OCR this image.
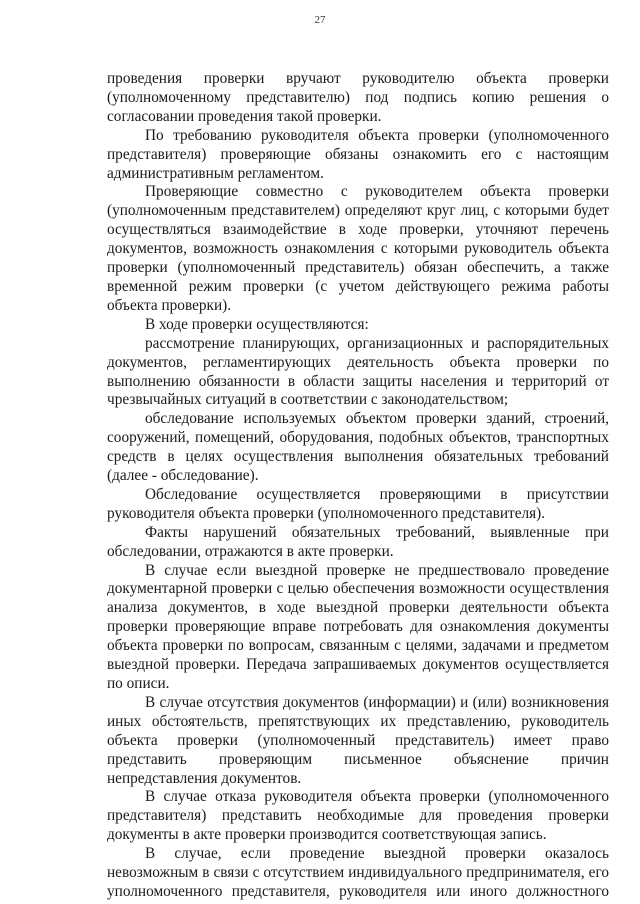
27

проведения проверки вручают руководителю объекта проверки (уполномоченному представителю) под подпись копию решения о согласовании проведения такой проверки.

По требованию руководителя объекта проверки (уполномоченного представителя) проверяющие обязаны ознакомить его с настоящим административным регламентом.

Проверяющие совместно с руководителем объекта проверки (уполномоченным представителем) определяют круг лиц, с которыми будет осуществляться взаимодействие в ходе проверки, уточняют перечень документов, возможность ознакомления с которыми руководитель объекта проверки (уполномоченный представитель) обязан обеспечить, а также временной режим проверки (с учетом действующего режима работы объекта проверки).

В ходе проверки осуществляются:

рассмотрение планирующих, организационных и распорядительных документов, регламентирующих деятельность объекта проверки по выполнению обязанности в области защиты населения и территорий от чрезвычайных ситуаций в соответствии с законодательством;

обследование используемых объектом проверки зданий, строений, сооружений, помещений, оборудования, подобных объектов, транспортных средств в целях осуществления выполнения обязательных требований (далее - обследование).

Обследование осуществляется проверяющими в присутствии руководителя объекта проверки (уполномоченного представителя).

Факты нарушений обязательных требований, выявленные при обследовании, отражаются в акте проверки.

В случае если выездной проверке не предшествовало проведение документарной проверки с целью обеспечения возможности осуществления анализа документов, в ходе выездной проверки деятельности объекта проверки проверяющие вправе потребовать для ознакомления документы объекта проверки по вопросам, связанным с целями, задачами и предметом выездной проверки. Передача запрашиваемых документов осуществляется по описи.

В случае отсутствия документов (информации) и (или) возникновения иных обстоятельств, препятствующих их представлению, руководитель объекта проверки (уполномоченный представитель) имеет право представить проверяющим письменное объяснение причин непредставления документов.

В случае отказа руководителя объекта проверки (уполномоченного представителя) представить необходимые для проведения проверки документы в акте проверки производится соответствующая запись.

В случае, если проведение выездной проверки оказалось невозможным в связи с отсутствием индивидуального предпринимателя, его уполномоченного представителя, руководителя или иного должностного
